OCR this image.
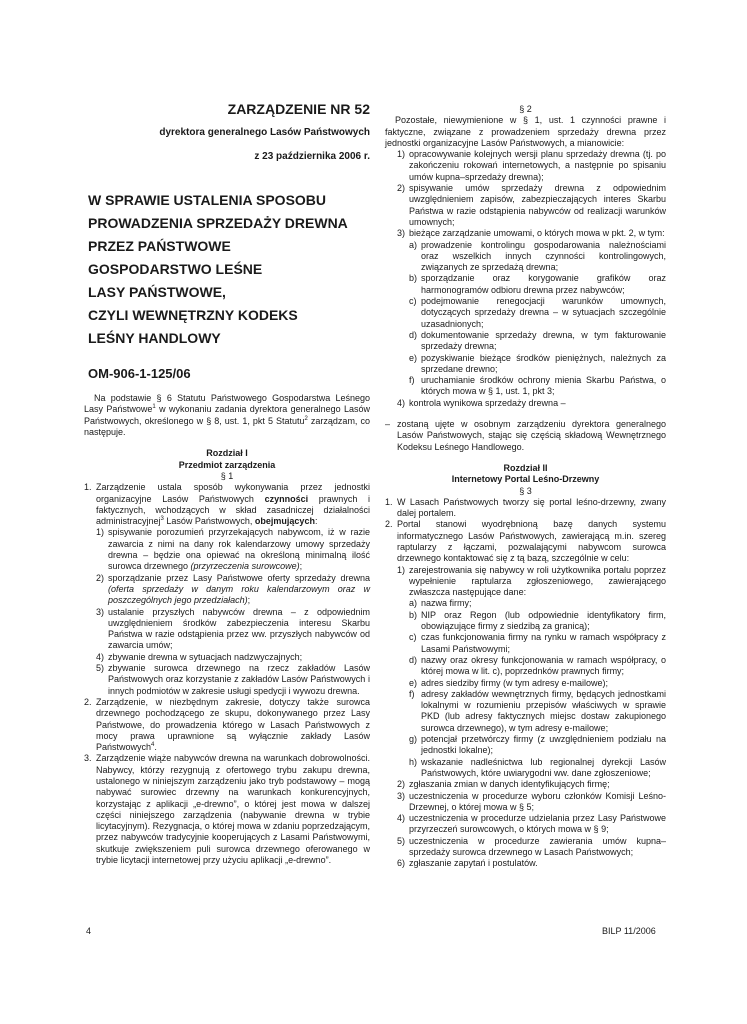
ZARZĄDZENIE NR 52
dyrektora generalnego Lasów Państwowych
z 23 października 2006 r.
W SPRAWIE USTALENIA SPOSOBU
PROWADZENIA SPRZEDAŻY DREWNA
PRZEZ PAŃSTWOWE
GOSPODARSTWO LEŚNE
LASY PAŃSTWOWE,
CZYLI WEWNĘTRZNY KODEKS
LEŚNY HANDLOWY
OM-906-1-125/06

Na podstawie § 6 Statutu Państwowego Gospodarstwa Leśnego Lasy Państwowe$^1$ w wykonaniu zadania dyrektora generalnego Lasów Państwowych, określonego w § 8, ust. 1, pkt 5 Statutu$^2$ zarządzam, co następuje.

Rozdział I
Przedmiot zarządzenia
§ 1
1. Zarządzenie ustala sposób wykonywania przez jednostki organizacyjne Lasów Państwowych czynności prawnych i faktycznych, wchodzących w skład zasadniczej działalności administracyjnej$^3$ Lasów Państwowych, obejmujących:
1) spisywanie porozumień przyrzekających nabywcom, iż w razie zawarcia z nimi na dany rok kalendarzowy umowy sprzedaży drewna – będzie ona opiewać na określoną minimalną ilość surowca drzewnego (przyrzeczenia surowcowe);
2) sporządzanie przez Lasy Państwowe oferty sprzedaży drewna (oferta sprzedaży w danym roku kalendarzowym oraz w poszczególnych jego przedziałach);
3) ustalanie przyszłych nabywców drewna – z odpowiednim uwzględnieniem środków zabezpieczenia interesu Skarbu Państwa w razie odstąpienia przez ww. przyszłych nabywców od zawarcia umów;
4) zbywanie drewna w sytuacjach nadzwyczajnych;
5) zbywanie surowca drzewnego na rzecz zakładów Lasów Państwowych oraz korzystanie z zakładów Lasów Państwowych i innych podmiotów w zakresie usługi spedycji i wywozu drewna.
2. Zarządzenie, w niezbędnym zakresie, dotyczy także surowca drzewnego pochodzącego ze skupu, dokonywanego przez Lasy Państwowe, do prowadzenia którego w Lasach Państwowych z mocy prawa uprawnione są wyłącznie zakłady Lasów Państwowych$^4$.
3. Zarządzenie wiąże nabywców drewna na warunkach dobrowolności. Nabywcy, którzy rezygnują z ofertowego trybu zakupu drewna, ustalonego w niniejszym zarządzeniu jako tryb podstawowy – mogą nabywać surowiec drzewny na warunkach konkurencyjnych, korzystając z aplikacji „e-drewno”, o której jest mowa w dalszej części niniejszego zarządzenia (nabywanie drewna w trybie licytacyjnym). Rezygnacja, o której mowa w zdaniu poprzedzającym, przez nabywców tradycyjnie kooperujących z Lasami Państwowymi, skutkuje zwiększeniem puli surowca drzewnego oferowanego w trybie licytacji internetowej przy użyciu aplikacji „e-drewno”.
§ 2

Pozostałe, niewymienione w § 1, ust. 1 czynności prawne i faktyczne, związane z prowadzeniem sprzedaży drewna przez jednostki organizacyjne Lasów Państwowych, a mianowicie:

1) opracowywanie kolejnych wersji planu sprzedaży drewna (tj. po zakończeniu rokowań internetowych, a następnie po spisaniu umów kupna–sprzedaży drewna);
2) spisywanie umów sprzedaży drewna z odpowiednim uwzględnieniem zapisów, zabezpieczających interes Skarbu Państwa w razie odstąpienia nabywców od realizacji warunków umownych;
3) bieżące zarządzanie umowami, o których mowa w pkt. 2, w tym:
a) prowadzenie kontrolingu gospodarowania należnościami oraz wszelkich innych czynności kontrolingowych, związanych ze sprzedażą drewna;
b) sporządzanie oraz korygowanie grafików oraz harmonogramów odbioru drewna przez nabywców;
c) podejmowanie renegocjacji warunków umownych, dotyczących sprzedaży drewna – w sytuacjach szczególnie uzasadnionych;
d) dokumentowanie sprzedaży drewna, w tym fakturowanie sprzedaży drewna;
e) pozyskiwanie bieżące środków pieniężnych, należnych za sprzedane drewno;
f) uruchamianie środków ochrony mienia Skarbu Państwa, o których mowa w § 1, ust. 1, pkt 3;
4) kontrola wynikowa sprzedaży drewna –
– zostaną ujęte w osobnym zarządzeniu dyrektora generalnego Lasów Państwowych, stając się częścią składową Wewnętrznego Kodeksu Leśnego Handlowego.
Rozdział II
Internetowy Portal Leśno-Drzewny
§ 3
1. W Lasach Państwowych tworzy się portal leśno-drzewny, zwany dalej portalem.
2. Portal stanowi wyodrębnioną bazę danych systemu informatycznego Lasów Państwowych, zawierającą m.in. szereg raptularzy z łączami, pozwalającymi nabywcom surowca drzewnego kontaktować się z tą bazą, szczególnie w celu:
1) zarejestrowania się nabywcy w roli użytkownika portalu poprzez wypełnienie raptularza zgłoszeniowego, zawierającego zwłaszcza następujące dane:
a) nazwa firmy;
b) NIP oraz Regon (lub odpowiednie identyfikatory firm, obowiązujące firmy z siedzibą za granicą);
c) czas funkcjonowania firmy na rynku w ramach współpracy z Lasami Państwowymi;
d) nazwy oraz okresy funkcjonowania w ramach współpracy, o której mowa w lit. c), poprzednków prawnych firmy;
e) adres siedziby firmy (w tym adresy e-mailowe);
f) adresy zakładów wewnętrznych firmy, będących jednostkami lokalnymi w rozumieniu przepisów właściwych w sprawie PKD (lub adresy faktycznych miejsc dostaw zakupionego surowca drzewnego), w tym adresy e-mailowe;
g) potencjał przetwórczy firmy (z uwzględnieniem podziału na jednostki lokalne);
h) wskazanie nadleśnictwa lub regionalnej dyrekcji Lasów Państwowych, które uwiarygodni ww. dane zgłoszeniowe;
2) zgłaszania zmian w danych identyfikujących firmę;
3) uczestniczenia w procedurze wyboru członków Komisji Leśno-Drzewnej, o której mowa w § 5;
4) uczestniczenia w procedurze udzielania przez Lasy Państwowe przyrzeczeń surowcowych, o których mowa w § 9;
5) uczestniczenia w procedurze zawierania umów kupna–sprzedaży surowca drzewnego w Lasach Państwowych;
6) zgłaszanie zapytań i postulatów.
4	BILP 11/2006
